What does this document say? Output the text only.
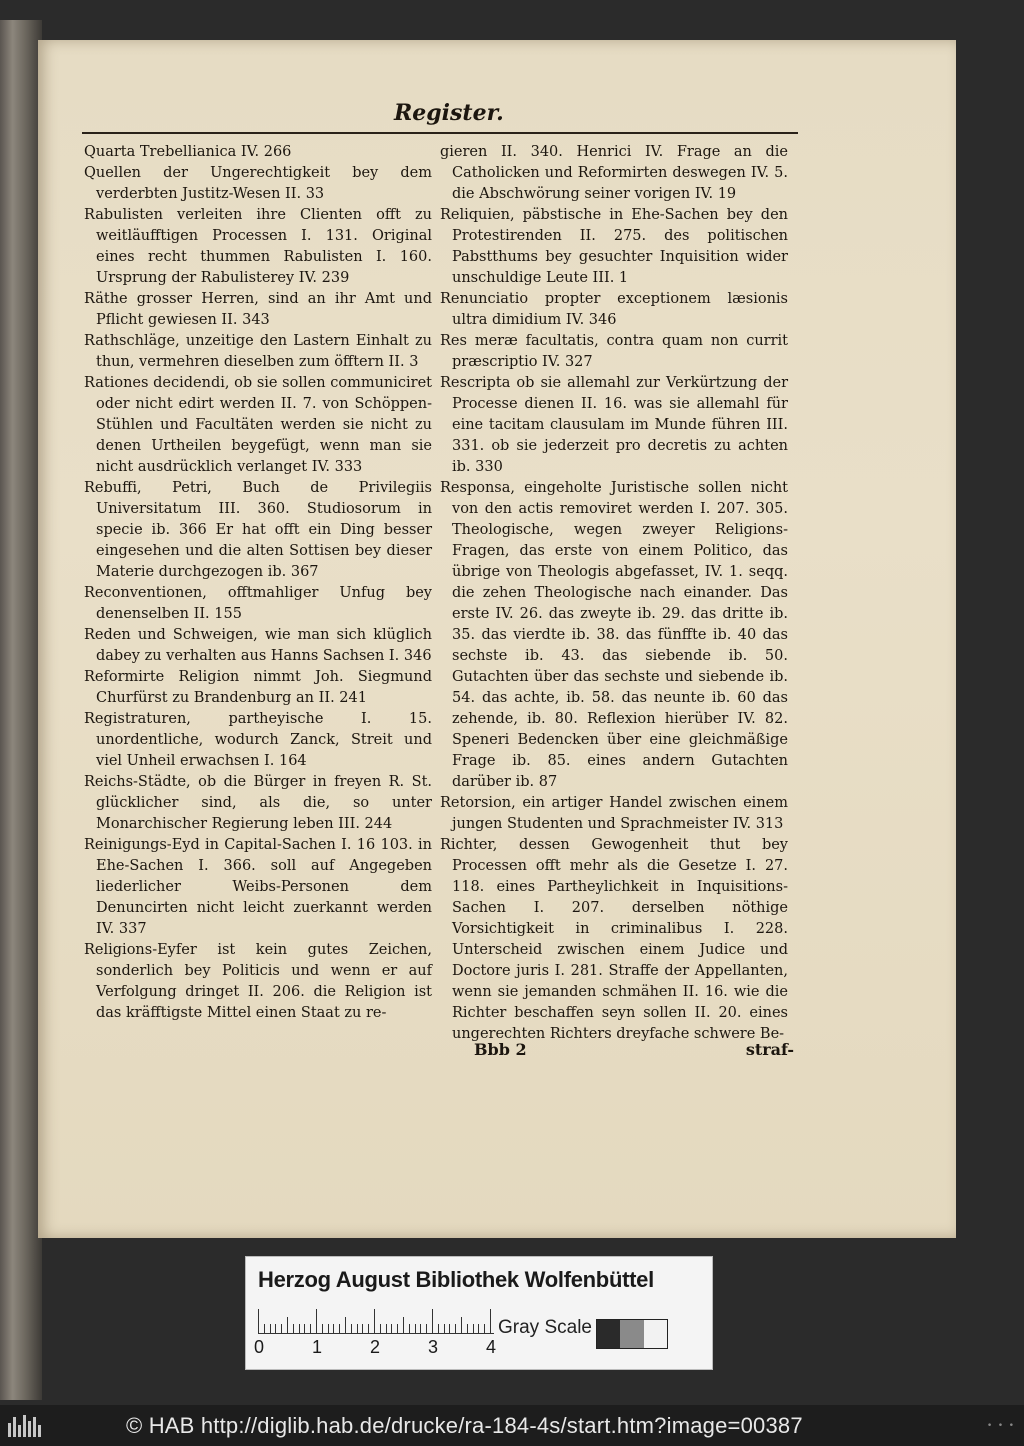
Register.

Quarta Trebellianica IV. 266

Quellen der Ungerechtigkeit bey dem verderbten Justitz-Wesen II. 33

Rabulisten verleiten ihre Clienten offt zu weitläufftigen Processen I. 131. Original eines recht thummen Rabulisten I. 160. Ursprung der Rabulisterey IV. 239

Räthe grosser Herren, sind an ihr Amt und Pflicht gewiesen II. 343

Rathschläge, unzeitige den Lastern Einhalt zu thun, vermehren dieselben zum öfftern II. 3

Rationes decidendi, ob sie sollen communiciret oder nicht edirt werden II. 7. von Schöppen-Stühlen und Facultäten werden sie nicht zu denen Urtheilen beygefügt, wenn man sie nicht ausdrücklich verlanget IV. 333

Rebuffi, Petri, Buch de Privilegiis Universitatum III. 360. Studiosorum in specie ib. 366 Er hat offt ein Ding besser eingesehen und die alten Sottisen bey dieser Materie durchgezogen ib. 367

Reconventionen, offtmahliger Unfug bey denenselben II. 155

Reden und Schweigen, wie man sich klüglich dabey zu verhalten aus Hanns Sachsen I. 346

Reformirte Religion nimmt Joh. Siegmund Churfürst zu Brandenburg an II. 241

Registraturen, partheyische I. 15. unordentliche, wodurch Zanck, Streit und viel Unheil erwachsen I. 164

Reichs-Städte, ob die Bürger in freyen R. St. glücklicher sind, als die, so unter Monarchischer Regierung leben III. 244

Reinigungs-Eyd in Capital-Sachen I. 16 103. in Ehe-Sachen I. 366. soll auf Angegeben liederlicher Weibs-Personen dem Denuncirten nicht leicht zuerkannt werden IV. 337

Religions-Eyfer ist kein gutes Zeichen, sonderlich bey Politicis und wenn er auf Verfolgung dringet II. 206. die Religion ist das kräfftigste Mittel einen Staat zu re-

gieren II. 340. Henrici IV. Frage an die Catholicken und Reformirten deswegen IV. 5. die Abschwörung seiner vorigen IV. 19

Reliquien, päbstische in Ehe-Sachen bey den Protestirenden II. 275. des politischen Pabstthums bey gesuchter Inquisition wider unschuldige Leute III. 1

Renunciatio propter exceptionem læsionis ultra dimidium IV. 346

Res meræ facultatis, contra quam non currit præscriptio IV. 327

Rescripta ob sie allemahl zur Verkürtzung der Processe dienen II. 16. was sie allemahl für eine tacitam clausulam im Munde führen III. 331. ob sie jederzeit pro decretis zu achten ib. 330

Responsa, eingeholte Juristische sollen nicht von den actis removiret werden I. 207. 305. Theologische, wegen zweyer Religions-Fragen, das erste von einem Politico, das übrige von Theologis abgefasset, IV. 1. seqq. die zehen Theologische nach einander. Das erste IV. 26. das zweyte ib. 29. das dritte ib. 35. das vierdte ib. 38. das fünffte ib. 40 das sechste ib. 43. das siebende ib. 50. Gutachten über das sechste und siebende ib. 54. das achte, ib. 58. das neunte ib. 60 das zehende, ib. 80. Reflexion hierüber IV. 82. Speneri Bedencken über eine gleichmäßige Frage ib. 85. eines andern Gutachten darüber ib. 87

Retorsion, ein artiger Handel zwischen einem jungen Studenten und Sprachmeister IV. 313

Richter, dessen Gewogenheit thut bey Processen offt mehr als die Gesetze I. 27. 118. eines Partheylichkeit in Inquisitions-Sachen I. 207. derselben nöthige Vorsichtigkeit in criminalibus I. 228. Unterscheid zwischen einem Judice und Doctore juris I. 281. Straffe der Appellanten, wenn sie jemanden schmähen II. 16. wie die Richter beschaffen seyn sollen II. 20. eines ungerechten Richters dreyfache schwere Be-

Bbb 2	straf-
Herzog August Bibliothek Wolfenbüttel
0	1	2	3	4
Gray Scale
© HAB http://diglib.hab.de/drucke/ra-184-4s/start.htm?image=00387	• • •
